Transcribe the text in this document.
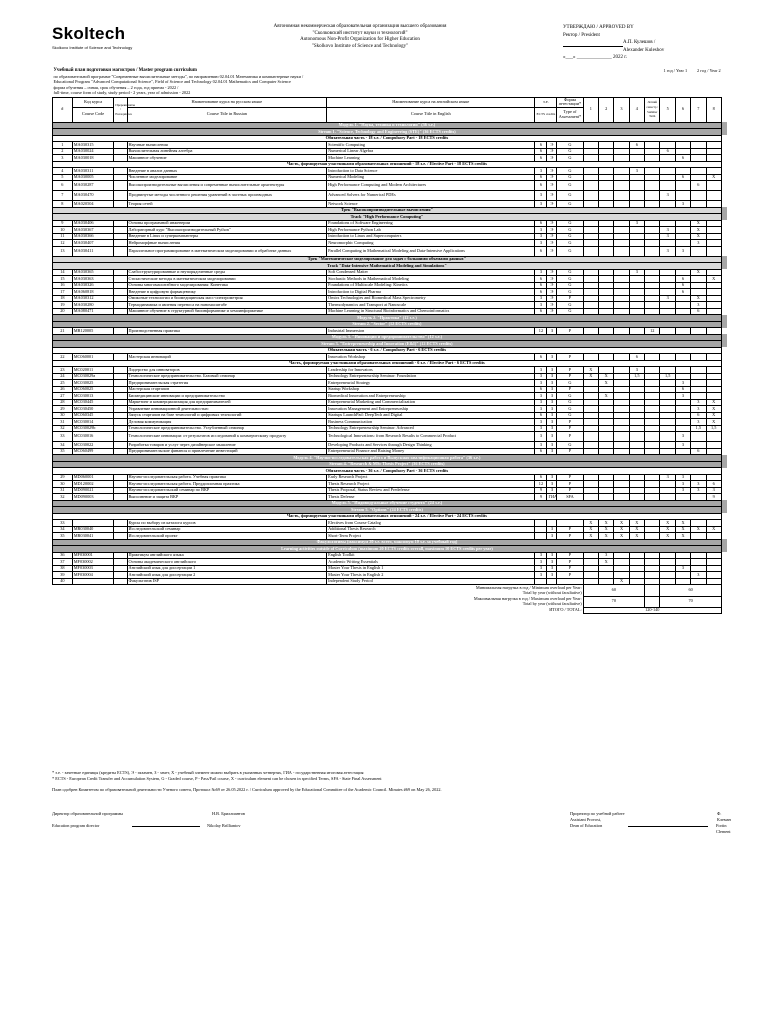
Skoltech
Skolkovo Institute of Science and Technology
Автономная некоммерческая образовательная организация высшего образования
"Сколковский институт науки и технологий"
Autonomous Non-Profit Organization for Higher Education
"Skolkovo Institute of Science and Technology"
УТВЕРЖДАЮ / APPROVED BY
Ректор / President
А.П. Кулешов /
Alexander Kuleshov
«___» ______________ 2022 г.
Учебный план подготовки магистров / Master program curriculum													1 год / Year 1		2 год / Year 2		
по образовательной программе "Современные вычислительные методы", по направлению 02.04.01 Математика и компьютерные науки /																	
Educational Program "Advanced Computational Science", Field of Science and Technology 02.04.01 Mathematics and Computer Science																	
форма обучения – очная, срок обучения – 2 года, год приема - 2022 /																	
full-time, course form of study, study period - 2 years, year of admission - 2022																	
#	Код курса	Пререквизиты / Prerequisites	Наименование курса на русском языке	Наименование курса на английском языке	з.е.		Форма аттестации*	1	2	3	4	Летний семестр / Summer Term	5	6	7	8	
	Course Code		Course Title in Russian	Course Title in English	ECTS credits		Type of Assessment*										
Модуль 1. "Наука, техника и технологии" (36 з.е.)																	
Stream 1. "Science, Technology and Engineering (STE)" (36 ECTS credits)																	
Обязательная часть - 18 з.е. / Compulsory Part - 18 ECTS credits																	
1	MA030315		Научные вычисления	Scientific Computing	6	Э	G				6						
2	MA030024		Вычислительная линейная алгебра	Numerical Linear Algebra	6	Э	G						6				
3	MA030018		Машинное обучение	Machine Learning	6	Э	G							6			
Часть, формируемая участниками образовательных отношений - 18 з.е. / Elective Part - 18 ECTS credits																	
4	MA030311		Введение в анализ данных	Introduction to Data Science	3	Э	G				3						
5	MA030005		Численное моделирование	Numerical Modeling	6	Э	G							6		X	
6	MA030287		Высокопроизводительные вычисления и современные вычислительные архитектуры	High Performance Computing and Modern Architectures	6	Э	G								6		
7	MA030470		Продвинутые методы численного решения уравнений в частных производных	Advanced Solvers for Numerical PDEs	3	Э	G						3				
8	MA020504		Теория сетей	Network Science	3	Э	G							3			
Трек "Высокопроизводительные вычисления"																	
Track "High Performance Computing"																	
9	MA030406		Основы программной инженерии	Foundations of Software Engineering	6	Э	G				3				X		
10	MA030367		Лабораторный курс "Высокопроизводительный Python"	High Performance Python Lab	3	Э	G						3		X		
11	MA030366		Введение в Linux и суперкомпьютеры	Introduction to Linux and Supercomputers	3	Э	G						3		X		
12	MA030407		Нейроморфные вычисления	Neuromorphic Computing	3	Э	G								3		
13	MA030411		Параллельное программирование в математическом моделировании и обработке данных	Parallel Computing in Mathematical Modeling and Data-Intensive Applications	6	Э	G						3	3			
Трек "Математическое моделирование для задач с большими объемами данных"																	
Track "Data-Intensive Mathematical Modeling and Simulations"																	
14	MA030365		Слабоструктурированные и неупорядоченные среды	Soft Condensed Matter	3	Э	G				3				X		
15	MA030363		Стохастические методы в математическом моделировании	Stochastic Methods in Mathematical Modeling	6	Э	G							6		X	
16	MA030326		Основы многомасштабного моделирования: Кинетика	Foundations of Multiscale Modeling: Kinetics	6	Э	G							6			
17	MA060818		Введение в цифровую фармацевтику	Introduction to Digital Pharma	6	Э	G							6			
18	MA030312		Омиксные технологии и биомедицинская масс-спектрометрия	Omics Technologies and Biomedical Mass Spectrometry	3	Э	P						3		X		
19	MA030280		Термодинамика и явления переноса на наномасштабе	Thermodynamics and Transport at Nanoscale	3	Э	G								3		
20	MA080471		Машинное обучение в структурной биоинформатике и хемоинформатике	Machine Learning in Structural Bioinformatics and Chemoinformatics	6	Э	G								6		
Модуль 2. "Практика" (12 з.е.)																	
Stream 2. "Sector" (12 ECTS credits)																	
21	MB120005		Производственная практика	Industrial Immersion	12	З	P					12					
Модуль 3. "Инновации и предпринимательство" (12 з.е.)																	
Stream 3. "Entrepreneurship and Innovation (E&I)" (12 ECTS credits)																	
Обязательная часть - 6 з.е. / Compulsory Part - 6 ECTS credits																	
22	MC060001		Мастерская инноваций	Innovation Workshop	6	З	P				6						
Часть, формируемая участниками образовательных отношений - 6 з.е. / Elective Part - 6 ECTS credits																	
23	MC020011		Лидерство для инноваторов	Leadership for Innovators	3	З	P	X			3						
24	MC030029a		Технологическое предпринимательство. Базовый семинар	Technology Entrepreneurship Seminar: Foundation	3	З	P	X	X		1,5		1,5				
25	MC030025		Предпринимательская стратегия	Entrepreneurial Strategy	3	З	G		X					3			
26	MC060025		Мастерская стартапов	Startup Workshop	6	З	P							6			
27	MC030013		Биомедицинские инновации и предпринимательство	Biomedical Innovation and Entrepreneurship	3	З	G		X					3			
28	MC030445		Маркетинг и коммерциализация для предпринимателей	Entrepreneurial Marketing and Commercialization	3	З	G								3	X	
29	MC030450		Управление инновационной деятельностью	Innovation Management and Entrepreneurship	3	З	G								3	X	
30	MC060345		Запуск стартапов на базе технологий и цифровых технологий	Startups LaunchPad: DeepTech and Digital	6	З	G								6	X	
31	MC030014		Деловая коммуникация	Business Communication	3	З	P								3	X	
32	MC030029b		Технологическое предпринимательство. Углубленный семинар	Technology Entrepreneurship Seminar: Advanced	3	З	P								1,5	1,5	
33	MC030016		Технологические инновации: от результатов исследований к коммерческому продукту	Technological Innovations: from Research Results to Commercial Product	3	З	P							3			
34	MC030022		Разработка товаров и услуг через дизайнерское мышление	Developing Products and Services through Design Thinking	3	З	G							3			
35	MC060499		Предпринимательские финансы и привлечение инвестиций	Entrepreneurial Finance and Raising Money	6	З	P								6		
Модуль 4. "Научно-исследовательская работа и Выпускная квалификационная работа" (36 з.е.)																	
Stream 4. "Research & MSc Thesis Project" (36 ECTS credits)																	
Обязательная часть - 36 з.е. / Compulsory Part - 36 ECTS credits																	
29	MD060001		Научно-исследовательская работа. Учебная практика	Early Research Project	6	З	P						3	3			
30	MD120002		Научно-исследовательская работа. Преддипломная практика	Thesis Research Project	12	З	P							3	3	6	
31	MD090021		Научно-исследовательский семинар по ВКР	Thesis Proposal, Status Review and Predefense	9	З	P							3	3	3	
32	MD090003		Выполнение и защита ВКР	Thesis Defense	9	ГИА	SFA									9	
Модуль 5. "Индивидуальные обучение студента" (24 з.е.)																	
Stream 5. "Options" (24 ECTS credits)																	
Часть, формируемая участниками образовательных отношений - 24 з.е. / Elective Part - 24 ECTS credits																	
33			Курсы по выбору из каталога курсов	Electives from Course Catalog				X	X	X	X		X	X			
34	MR030040		Исследовательский семинар	Additional Thesis Research		З	P	X	X	X	X		X	X	X	X	
35	MR030041		Исследовательский проект	Short-Term Project		З	P	X	X	X	X		X	X			
Факультативы (максимум 20 з.е. всего, максимум 10 з.е. за учебный год)																	
Learning activities outside of Curriculum (maximum 20 ECTS credits overall, maximum 10 ECTS credits per year)																	
36	MF030001		Практикум английского языка	English Toolkit	3	З	P		3								
37	MF030002		Основы академического английского	Academic Writing Essentials	3	З	P		X								
38	MF030003		Английский язык для диссертации 1	Master Your Thesis in English 1	3	З	P							3			
39	MF030004		Английский язык для диссертации 2	Master Your Thesis in English 2	3	З	P								3		
40			Факультатив ISP	Independent Study Period						X							
Минимальная нагрузка в год / Minimum overload per Year:								60					60				
Total by year (without facultative)																	
Максимальная нагрузка в год / Maximum overload per Year:								70					70				
Total by year (without facultative)																	
ИТОГО / TOTAL:								120-140									
* з.е. - зачетные единицы (кредиты ECTS), Э - экзамен, З - зачет, X - учебный элемент можно выбрать в указанных четвертях, ГИА - государственная итоговая аттестация
* ECTS - European Credit Transfer and Accumulation System, G - Graded course, P - Pass/Fail course, X - curriculum element can be chosen in specified Terms, SFA - State Final Assessment
План одобрен Комитетом по образовательной деятельности Ученого совета, Протокол №69 от 26.05.2022 г. / Curriculum approved by the Educational Committee of the Academic Council. Minutes #69 on May 26, 2022.
Директор образовательной программы	Н.В. Бриллиантов
Education program director	Nikolay Brilliantov
Проректор по учебной работе	Ф. Клеман
Assistant Provost,
Dean of Education	Fortin Clement
